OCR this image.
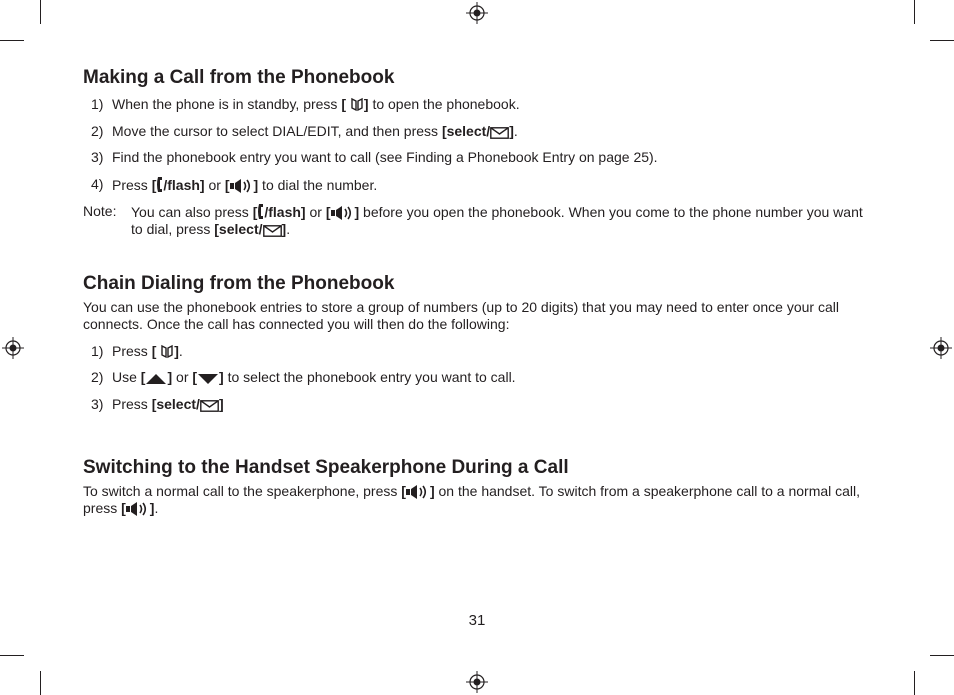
Making a Call from the Phonebook
1) When the phone is in standby, press [ ] to open the phonebook.
2) Move the cursor to select DIAL/EDIT, and then press [select/ ].
3) Find the phonebook entry you want to call (see Finding a Phonebook Entry on page 25).
4) Press [ /flash] or [ ] to dial the number.
Note: You can also press [ /flash] or [ ] before you open the phonebook. When you come to the phone number you want to dial, press [select/ ].
Chain Dialing from the Phonebook
You can use the phonebook entries to store a group of numbers (up to 20 digits) that you may need to enter once your call connects. Once the call has connected you will then do the following:
1) Press [ ].
2) Use [ ] or [ ] to select the phonebook entry you want to call.
3) Press [select/ ]
Switching to the Handset Speakerphone During a Call
To switch a normal call to the speakerphone, press [ ] on the handset. To switch from a speakerphone call to a normal call, press [ ].
31
